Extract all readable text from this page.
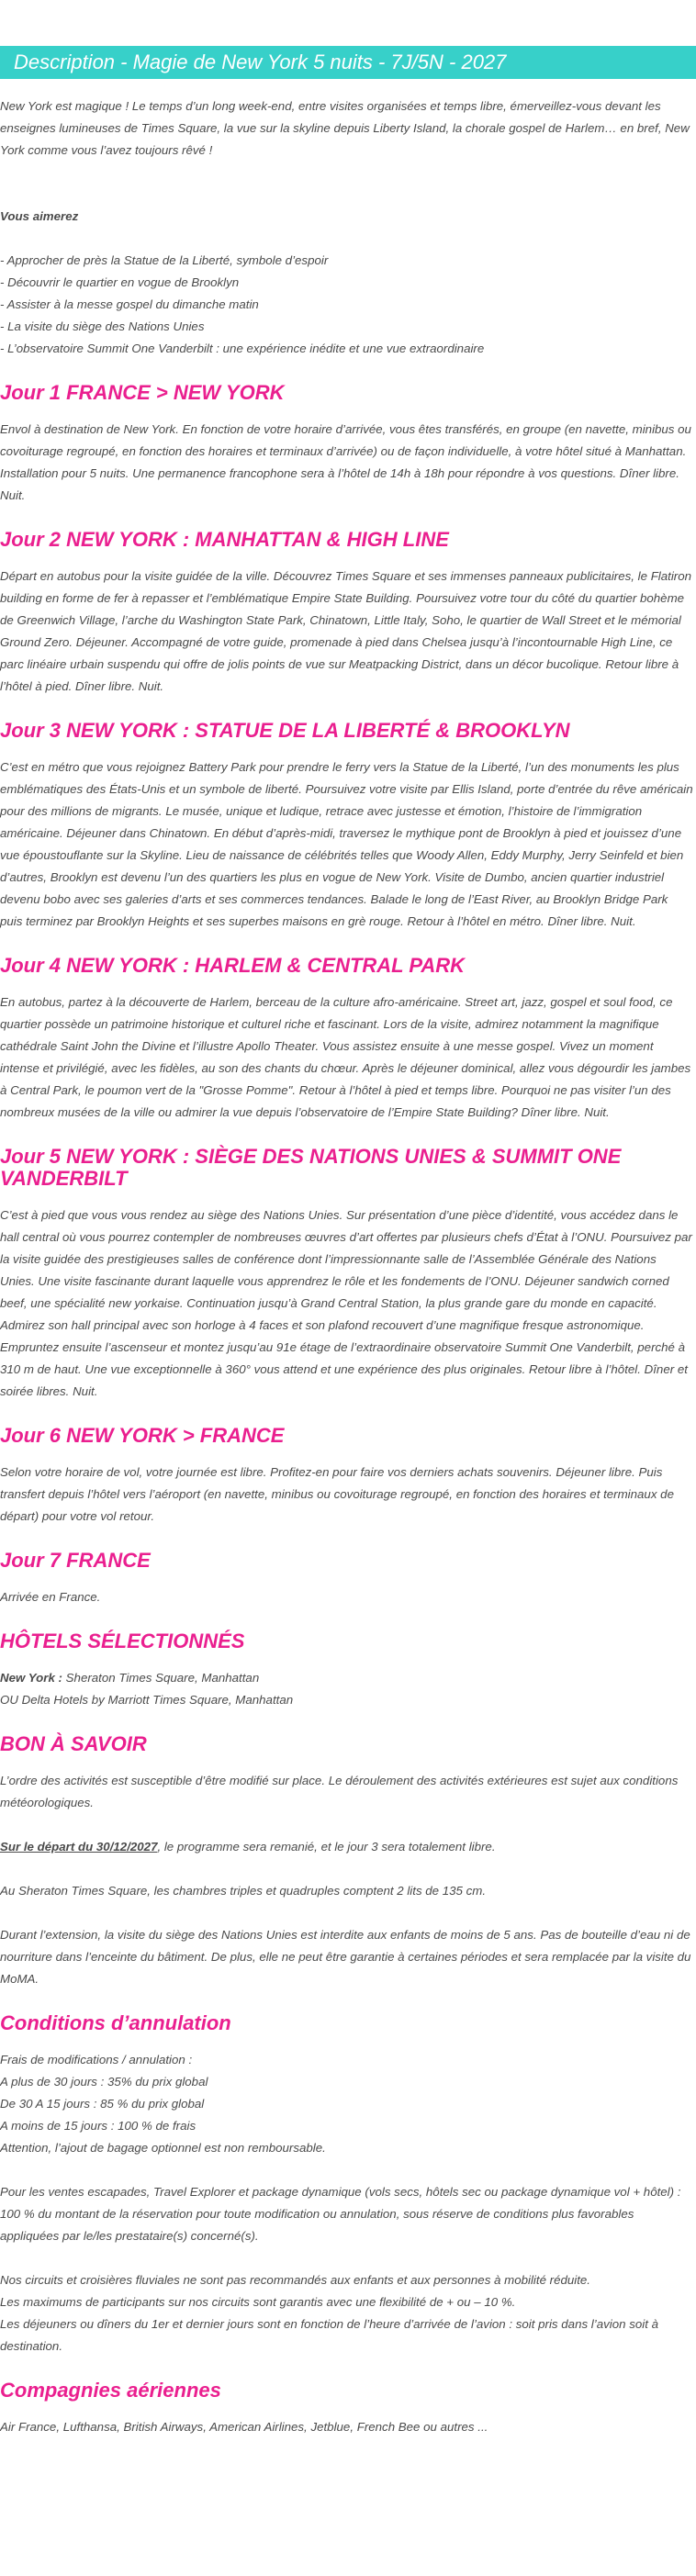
Description - Magie de New York 5 nuits - 7J/5N - 2027

New York est magique ! Le temps d’un long week-end, entre visites organisées et temps libre, émerveillez-vous devant les enseignes lumineuses de Times Square, la vue sur la skyline depuis Liberty Island, la chorale gospel de Harlem… en bref, New York comme vous l’avez toujours rêvé !

Vous aimerez

- Approcher de près la Statue de la Liberté, symbole d’espoir
- Découvrir le quartier en vogue de Brooklyn
- Assister à la messe gospel du dimanche matin
- La visite du siège des Nations Unies
- L’observatoire Summit One Vanderbilt : une expérience inédite et une vue extraordinaire
Jour 1 FRANCE > NEW YORK

Envol à destination de New York. En fonction de votre horaire d’arrivée, vous êtes transférés, en groupe (en navette, minibus ou covoiturage regroupé, en fonction des horaires et terminaux d’arrivée) ou de façon individuelle, à votre hôtel situé à Manhattan. Installation pour 5 nuits. Une permanence francophone sera à l’hôtel de 14h à 18h pour répondre à vos questions. Dîner libre. Nuit.

Jour 2 NEW YORK : MANHATTAN & HIGH LINE

Départ en autobus pour la visite guidée de la ville. Découvrez Times Square et ses immenses panneaux publicitaires, le Flatiron building en forme de fer à repasser et l’emblématique Empire State Building. Poursuivez votre tour du côté du quartier bohème de Greenwich Village, l’arche du Washington State Park, Chinatown, Little Italy, Soho, le quartier de Wall Street et le mémorial Ground Zero. Déjeuner. Accompagné de votre guide, promenade à pied dans Chelsea jusqu’à l’incontournable High Line, ce parc linéaire urbain suspendu qui offre de jolis points de vue sur Meatpacking District, dans un décor bucolique. Retour libre à l’hôtel à pied. Dîner libre. Nuit.

Jour 3 NEW YORK : STATUE DE LA LIBERTÉ & BROOKLYN

C’est en métro que vous rejoignez Battery Park pour prendre le ferry vers la Statue de la Liberté, l’un des monuments les plus emblématiques des États-Unis et un symbole de liberté. Poursuivez votre visite par Ellis Island, porte d’entrée du rêve américain pour des millions de migrants. Le musée, unique et ludique, retrace avec justesse et émotion, l’histoire de l’immigration américaine. Déjeuner dans Chinatown. En début d’après-midi, traversez le mythique pont de Brooklyn à pied et jouissez d’une vue époustouflante sur la Skyline. Lieu de naissance de célébrités telles que Woody Allen, Eddy Murphy, Jerry Seinfeld et bien d’autres, Brooklyn est devenu l’un des quartiers les plus en vogue de New York. Visite de Dumbo, ancien quartier industriel devenu bobo avec ses galeries d’arts et ses commerces tendances. Balade le long de l’East River, au Brooklyn Bridge Park puis terminez par Brooklyn Heights et ses superbes maisons en grè rouge. Retour à l’hôtel en métro. Dîner libre. Nuit.

Jour 4 NEW YORK : HARLEM & CENTRAL PARK

En autobus, partez à la découverte de Harlem, berceau de la culture afro-américaine. Street art, jazz, gospel et soul food, ce quartier possède un patrimoine historique et culturel riche et fascinant. Lors de la visite, admirez notamment la magnifique cathédrale Saint John the Divine et l’illustre Apollo Theater. Vous assistez ensuite à une messe gospel. Vivez un moment intense et privilégié, avec les fidèles, au son des chants du chœur. Après le déjeuner dominical, allez vous dégourdir les jambes à Central Park, le poumon vert de la "Grosse Pomme". Retour à l’hôtel à pied et temps libre. Pourquoi ne pas visiter l’un des nombreux musées de la ville ou admirer la vue depuis l’observatoire de l’Empire State Building? Dîner libre. Nuit.

Jour 5 NEW YORK : SIÈGE DES NATIONS UNIES & SUMMIT ONE VANDERBILT

C’est à pied que vous vous rendez au siège des Nations Unies. Sur présentation d’une pièce d’identité, vous accédez dans le hall central où vous pourrez contempler de nombreuses œuvres d’art offertes par plusieurs chefs d’État à l’ONU. Poursuivez par la visite guidée des prestigieuses salles de conférence dont l’impressionnante salle de l’Assemblée Générale des Nations Unies. Une visite fascinante durant laquelle vous apprendrez le rôle et les fondements de l’ONU. Déjeuner sandwich corned beef, une spécialité new yorkaise. Continuation jusqu’à Grand Central Station, la plus grande gare du monde en capacité. Admirez son hall principal avec son horloge à 4 faces et son plafond recouvert d’une magnifique fresque astronomique. Empruntez ensuite l’ascenseur et montez jusqu’au 91e étage de l’extraordinaire observatoire Summit One Vanderbilt, perché à 310 m de haut. Une vue exceptionnelle à 360° vous attend et une expérience des plus originales. Retour libre à l’hôtel. Dîner et soirée libres. Nuit.

Jour 6 NEW YORK > FRANCE

Selon votre horaire de vol, votre journée est libre. Profitez-en pour faire vos derniers achats souvenirs. Déjeuner libre. Puis transfert depuis l’hôtel vers l’aéroport (en navette, minibus ou covoiturage regroupé, en fonction des horaires et terminaux de départ) pour votre vol retour.

Jour 7 FRANCE

Arrivée en France.

HÔTELS SÉLECTIONNÉS

New York : Sheraton Times Square, Manhattan

OU Delta Hotels by Marriott Times Square, Manhattan

BON À SAVOIR

L’ordre des activités est susceptible d’être modifié sur place. Le déroulement des activités extérieures est sujet aux conditions météorologiques.

Sur le départ du 30/12/2027, le programme sera remanié, et le jour 3 sera totalement libre.

Au Sheraton Times Square, les chambres triples et quadruples comptent 2 lits de 135 cm.

Durant l’extension, la visite du siège des Nations Unies est interdite aux enfants de moins de 5 ans. Pas de bouteille d’eau ni de nourriture dans l’enceinte du bâtiment. De plus, elle ne peut être garantie à certaines périodes et sera remplacée par la visite du MoMA.

Conditions d’annulation
Frais de modifications / annulation :
A plus de 30 jours : 35% du prix global
De 30 A 15 jours : 85 % du prix global
A moins de 15 jours : 100 % de frais
Attention, l’ajout de bagage optionnel est non remboursable.

Pour les ventes escapades, Travel Explorer et package dynamique (vols secs, hôtels sec ou package dynamique vol + hôtel) : 100 % du montant de la réservation pour toute modification ou annulation, sous réserve de conditions plus favorables appliquées par le/les prestataire(s) concerné(s).

Nos circuits et croisières fluviales ne sont pas recommandés aux enfants et aux personnes à mobilité réduite.
Les maximums de participants sur nos circuits sont garantis avec une flexibilité de + ou – 10 %.

Les déjeuners ou dîners du 1er et dernier jours sont en fonction de l’heure d’arrivée de l’avion : soit pris dans l’avion soit à destination.

Compagnies aériennes

Air France, Lufthansa, British Airways, American Airlines, Jetblue, French Bee ou autres ...
